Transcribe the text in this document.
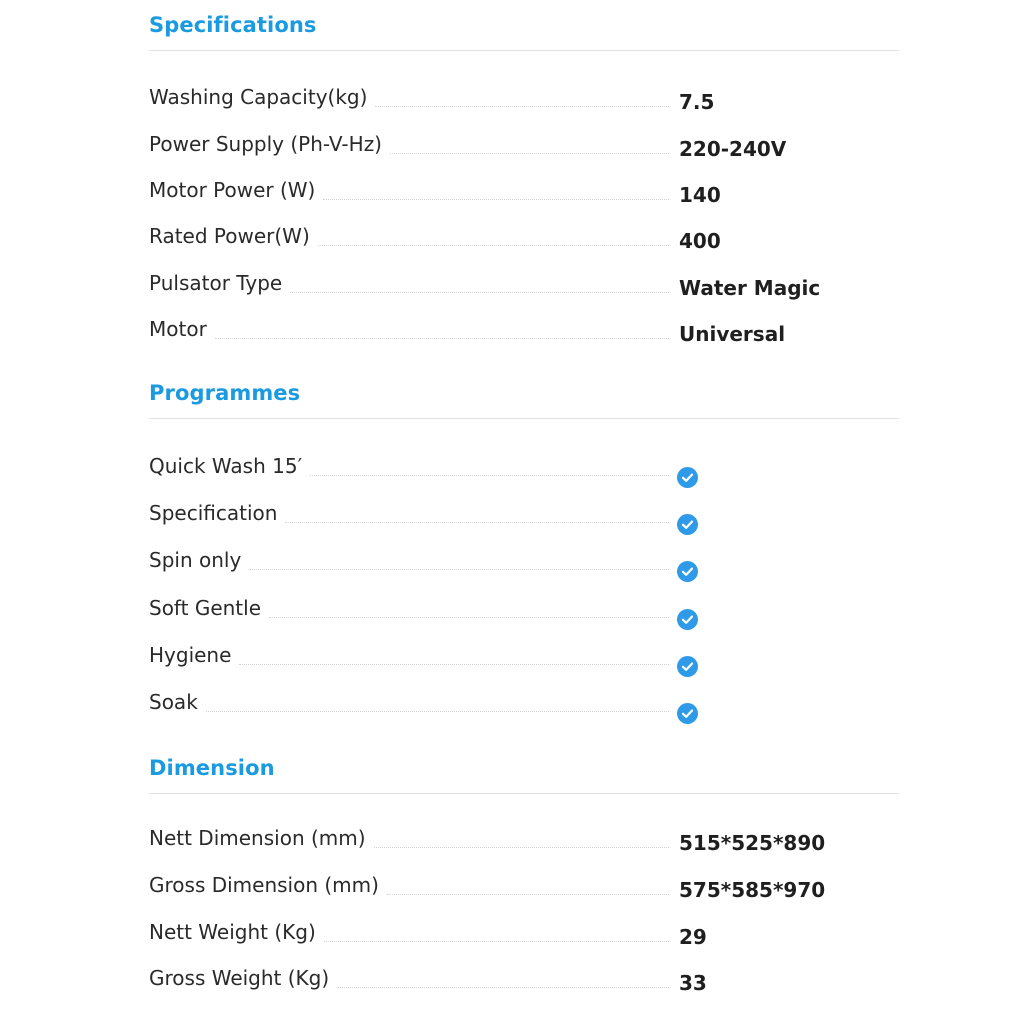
Specifications
Washing Capacity(kg)	7.5
Power Supply (Ph-V-Hz)	220-240V
Motor Power (W)	140
Rated Power(W)	400
Pulsator Type	Water Magic
Motor	Universal
Programmes
Quick Wash 15′
Specification
Spin only
Soft Gentle
Hygiene
Soak
Dimension
Nett Dimension (mm)	515*525*890
Gross Dimension (mm)	575*585*970
Nett Weight (Kg)	29
Gross Weight (Kg)	33
